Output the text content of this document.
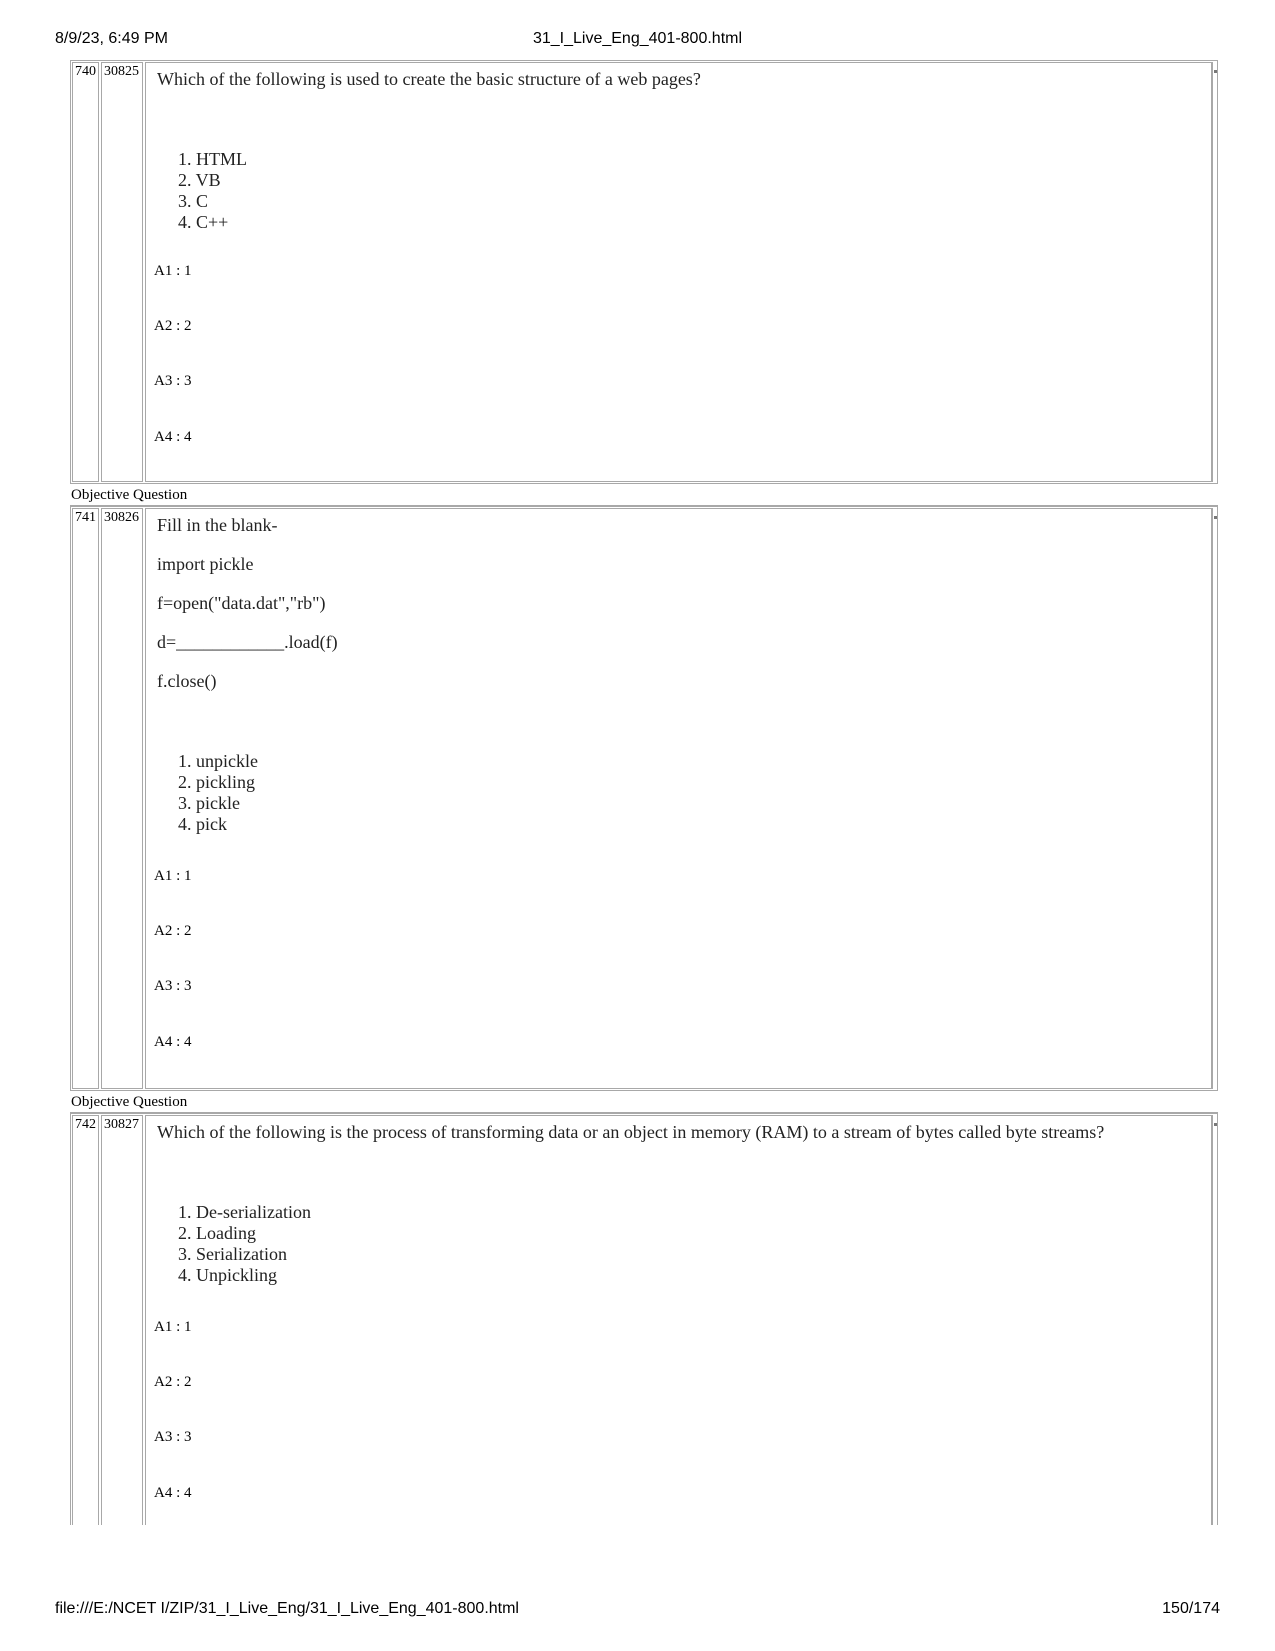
8/9/23, 6:49 PM	31_I_Live_Eng_401-800.html
740 30825 Which of the following is used to create the basic structure of a web pages?
1. HTML
2. VB
3. C
4. C++
A1 : 1
A2 : 2
A3 : 3
A4 : 4
Objective Question
741 30826 Fill in the blank-
import pickle
f=open("data.dat","rb")
d=____________.load(f)
f.close()
1. unpickle
2. pickling
3. pickle
4. pick
A1 : 1
A2 : 2
A3 : 3
A4 : 4
Objective Question
742 30827 Which of the following is the process of transforming data or an object in memory (RAM) to a stream of bytes called byte streams?
1. De-serialization
2. Loading
3. Serialization
4. Unpickling
A1 : 1
A2 : 2
A3 : 3
A4 : 4
file:///E:/NCET I/ZIP/31_I_Live_Eng/31_I_Live_Eng_401-800.html	150/174
